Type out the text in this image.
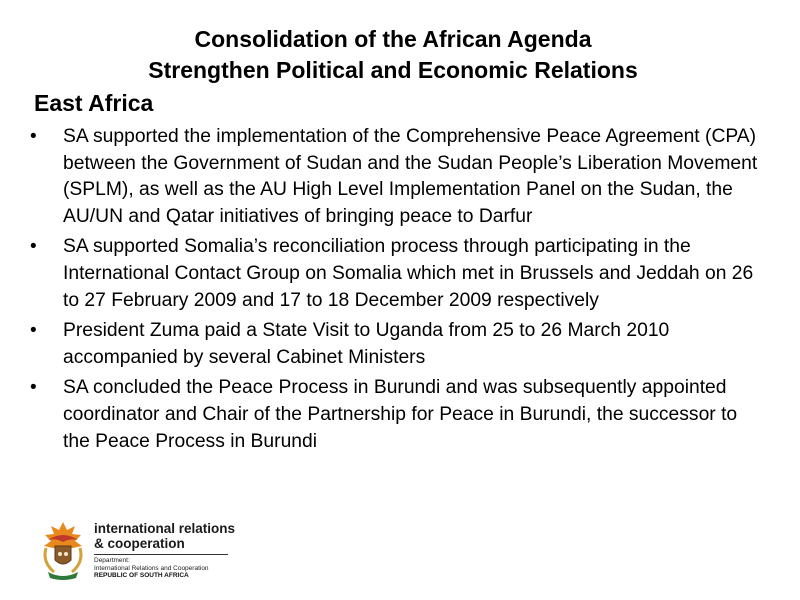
Consolidation of the African Agenda
Strengthen Political and Economic Relations
East Africa
• SA supported the implementation of the Comprehensive Peace Agreement (CPA) between the Government of Sudan and the Sudan People’s Liberation Movement (SPLM), as well as the AU High Level Implementation Panel on the Sudan, the AU/UN and Qatar initiatives of bringing peace to Darfur
• SA supported Somalia’s reconciliation process through participating in the International Contact Group on Somalia which met in Brussels and Jeddah on 26 to 27 February 2009 and 17 to 18 December 2009 respectively
• President Zuma paid a State Visit to Uganda from 25 to 26 March 2010 accompanied by several Cabinet Ministers
• SA concluded the Peace Process in Burundi and was subsequently appointed coordinator and Chair of the Partnership for Peace in Burundi, the successor to the Peace Process in Burundi
international relations
& cooperation
Department:
International Relations and Cooperation
REPUBLIC OF SOUTH AFRICA
